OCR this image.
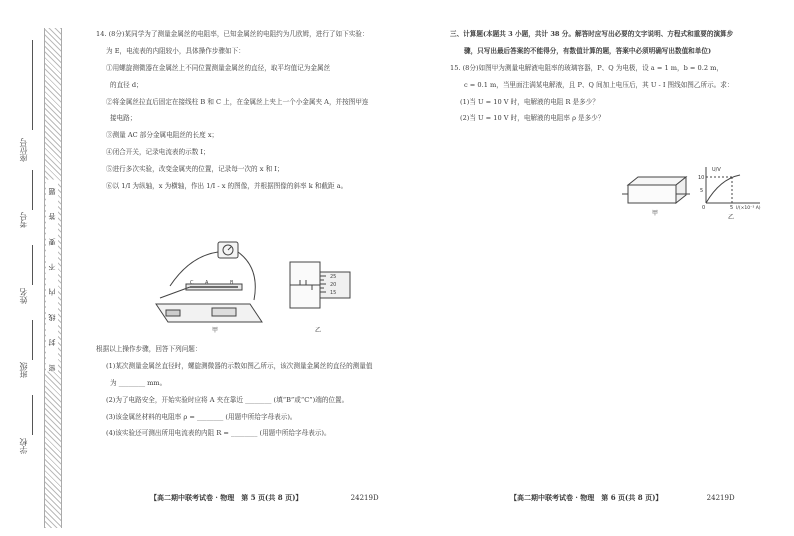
座位号
考号
姓名
班级
学校
密 封 线 内 不 要 答 题

14. (8分)某同学为了测量金属丝的电阻率，已知金属丝的电阻约为几欧姆，进行了如下实验：

为 E，电流表的内阻较小，具体操作步骤如下：

①用螺旋测微器在金属丝上不同位置测量金属丝的直径，取平均值记为金属丝

的直径 d；

②将金属丝拉直后固定在接线柱 B 和 C 上，在金属丝上夹上一个小金属夹 A，并按图甲连

接电路；

③测量 AC 部分金属电阻丝的长度 x；

④闭合开关，记录电流表的示数 I；

⑤进行多次实验，改变金属夹的位置，记录每一次的 x 和 I；

⑥以 1/I 为纵轴，x 为横轴，作出 1/I - x 的图像，并根据图像的斜率 k 和截距 a。

C A	B
甲
25
20
15
乙

根据以上操作步骤，回答下列问题：

(1)某次测量金属丝直径时，螺旋测微器的示数如图乙所示，该次测量金属丝的直径的测量值

为 ________ mm。

(2)为了电路安全，开始实验时应将 A 夹在靠近 ________ (填“B”或“C”)端的位置。

(3)该金属丝材料的电阻率 ρ = ________ (用题中所给字母表示)。

(4)该实验还可测出所用电流表的内阻 R = ________ (用题中所给字母表示)。

【高二期中联考试卷 · 物理　第 5 页(共 8 页)】	24219D

三、计算题(本题共 3 小题，共计 38 分。解答时应写出必要的文字说明、方程式和重要的演算步

骤，只写出最后答案的不能得分，有数值计算的题，答案中必须明确写出数值和单位)

15. (8分)如图甲为测量电解液电阻率的玻璃容器，P、Q 为电极，设 a = 1 m，b = 0.2 m，

c = 0.1 m，当里面注满某电解液，且 P、Q 间加上电压后，其 U - I 图线如图乙所示。求：

(1)当 U = 10 V 时，电解液的电阻 R 是多少？

(2)当 U = 10 V 时，电解液的电阻率 ρ 是多少？

甲
U/V
10
5
0	5 I/(×10⁻³ A)
乙
【高二期中联考试卷 · 物理　第 6 页(共 8 页)】	24219D
